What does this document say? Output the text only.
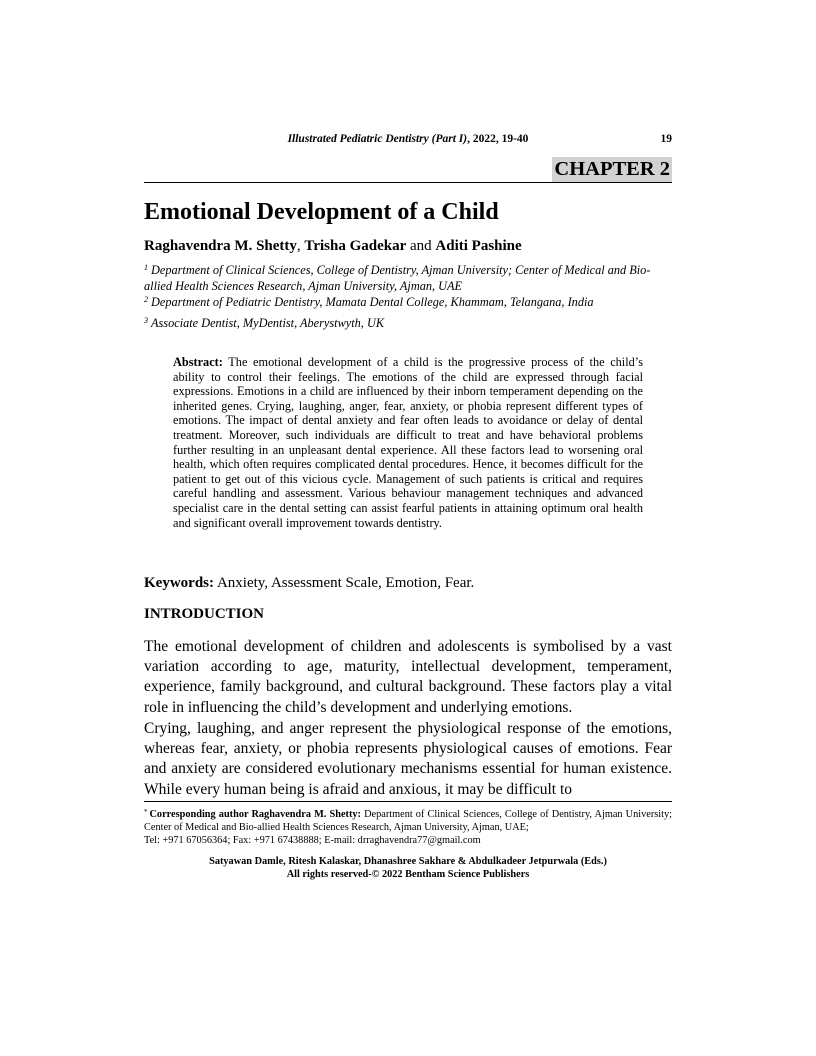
Illustrated Pediatric Dentistry (Part I), 2022, 19-40	19
CHAPTER 2
Emotional Development of a Child
Raghavendra M. Shetty, Trisha Gadekar and Aditi Pashine
$^1$ Department of Clinical Sciences, College of Dentistry, Ajman University; Center of Medical and Bio-allied Health Sciences Research, Ajman University, Ajman, UAE
$^2$ Department of Pediatric Dentistry, Mamata Dental College, Khammam, Telangana, India
$^3$ Associate Dentist, MyDentist, Aberystwyth, UK
Abstract: The emotional development of a child is the progressive process of the child’s ability to control their feelings. The emotions of the child are expressed through facial expressions. Emotions in a child are influenced by their inborn temperament depending on the inherited genes. Crying, laughing, anger, fear, anxiety, or phobia represent different types of emotions. The impact of dental anxiety and fear often leads to avoidance or delay of dental treatment. Moreover, such individuals are difficult to treat and have behavioral problems further resulting in an unpleasant dental experience. All these factors lead to worsening oral health, which often requires complicated dental procedures. Hence, it becomes difficult for the patient to get out of this vicious cycle. Management of such patients is critical and requires careful handling and assessment. Various behaviour management techniques and advanced specialist care in the dental setting can assist fearful patients in attaining optimum oral health and significant overall improvement towards dentistry.
Keywords: Anxiety, Assessment Scale, Emotion, Fear.
INTRODUCTION

The emotional development of children and adolescents is symbolised by a vast variation according to age, maturity, intellectual development, temperament, experience, family background, and cultural background. These factors play a vital role in influencing the child’s development and underlying emotions.

Crying, laughing, and anger represent the physiological response of the emotions, whereas fear, anxiety, or phobia represents physiological causes of emotions. Fear and anxiety are considered evolutionary mechanisms essential for human existence. While every human being is afraid and anxious, it may be difficult to

* Corresponding author Raghavendra M. Shetty: Department of Clinical Sciences, College of Dentistry, Ajman University; Center of Medical and Bio-allied Health Sciences Research, Ajman University, Ajman, UAE;
Tel: +971 67056364; Fax: +971 67438888; E-mail: drraghavendra77@gmail.com
Satyawan Damle, Ritesh Kalaskar, Dhanashree Sakhare & Abdulkadeer Jetpurwala (Eds.)
All rights reserved-© 2022 Bentham Science Publishers
